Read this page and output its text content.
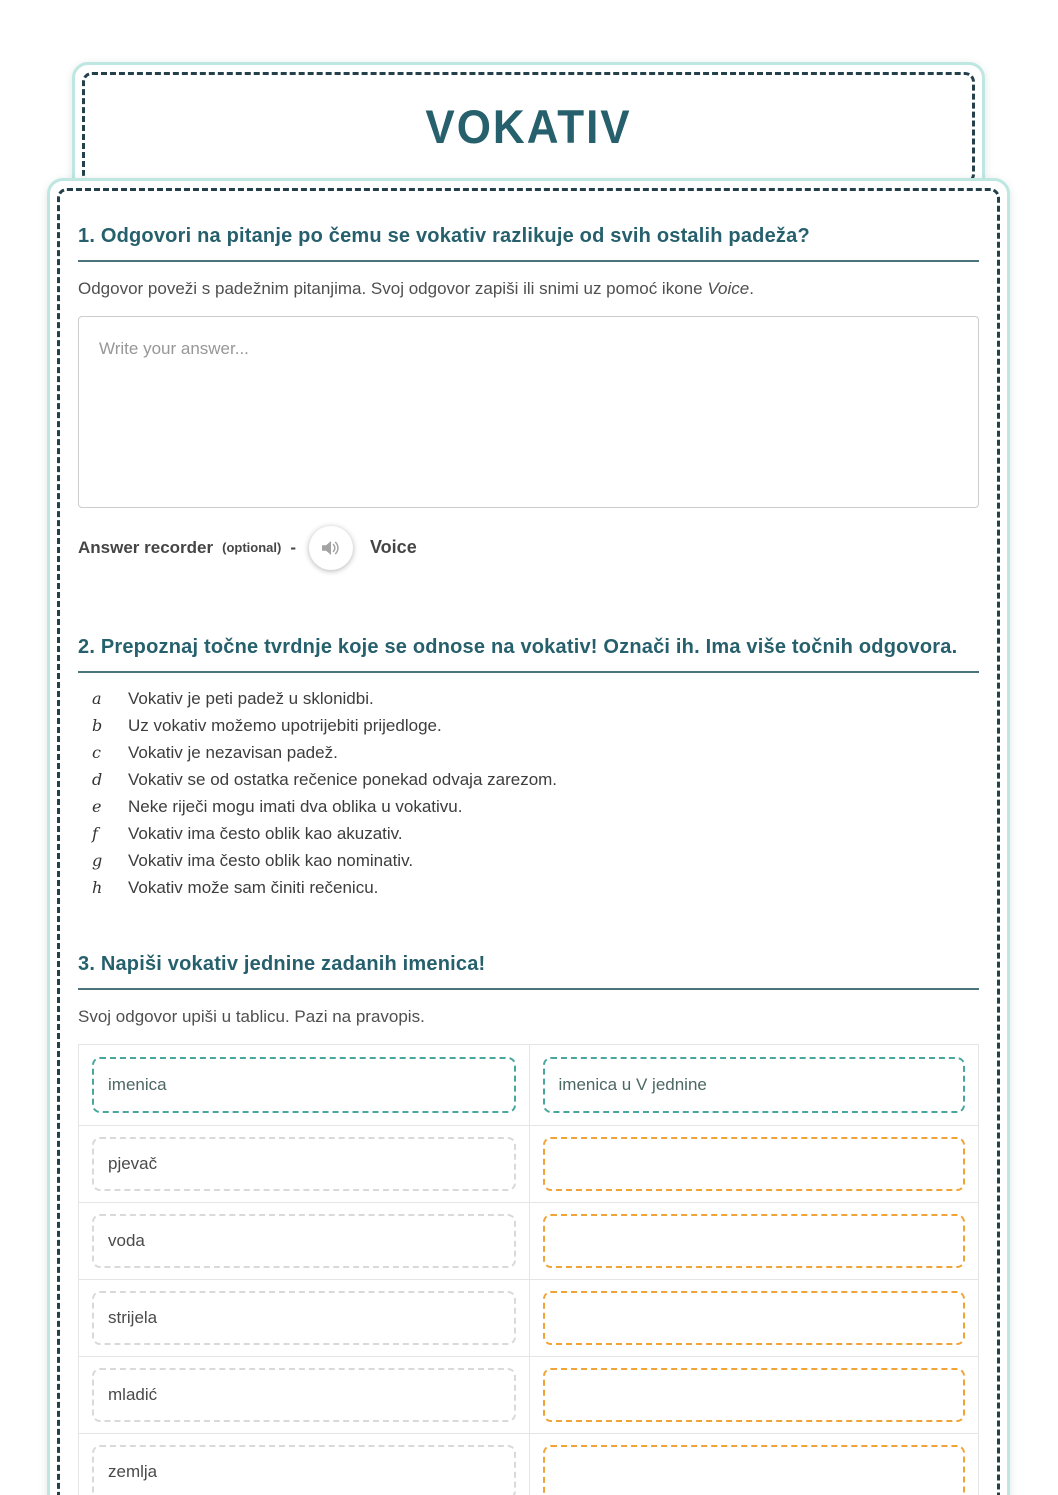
VOKATIV
1. Odgovori na pitanje po čemu se vokativ razlikuje od svih ostalih padeža?

Odgovor poveži s padežnim pitanjima. Svoj odgovor zapiši ili snimi uz pomoć ikone Voice.

Write your answer...
Answer recorder (optional) -	Voice
2. Prepoznaj točne tvrdnje koje se odnose na vokativ! Označi ih. Ima više točnih odgovora.
a	Vokativ je peti padež u sklonidbi.
b	Uz vokativ možemo upotrijebiti prijedloge.
c	Vokativ je nezavisan padež.
d	Vokativ se od ostatka rečenice ponekad odvaja zarezom.
e	Neke riječi mogu imati dva oblika u vokativu.
f	Vokativ ima često oblik kao akuzativ.
g	Vokativ ima često oblik kao nominativ.
h	Vokativ može sam činiti rečenicu.
3. Napiši vokativ jednine zadanih imenica!

Svoj odgovor upiši u tablicu. Pazi na pravopis.

imenica	imenica u V jednine
pjevač
voda
strijela
mladić
zemlja
